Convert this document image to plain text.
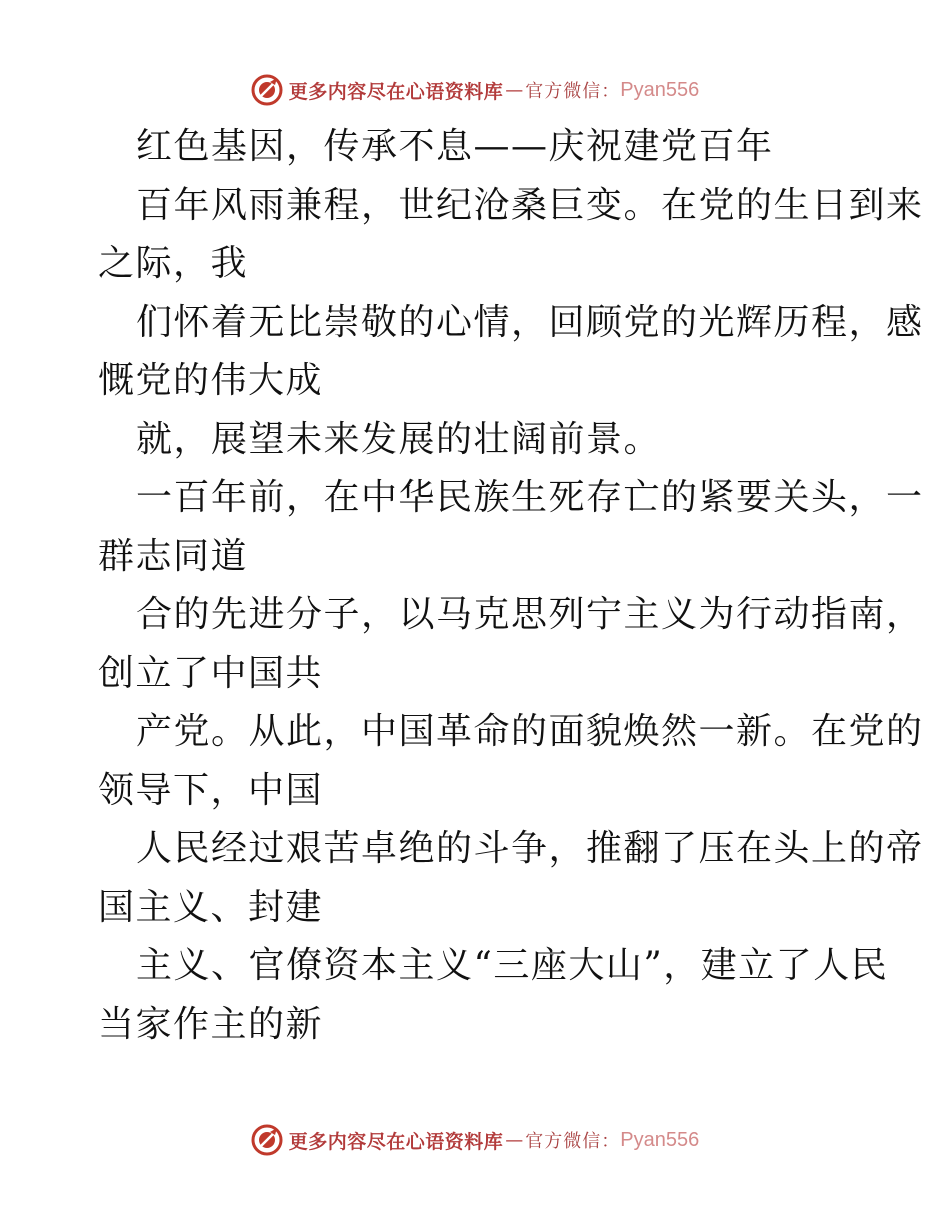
更多内容尽在心语资料库 — 官方微信： Pyan556
红色基因，传承不息——庆祝建党百年
百年风雨兼程，世纪沧桑巨变。在党的生日到来
之际，我
们怀着无比崇敬的心情，回顾党的光辉历程，感
慨党的伟大成
就，展望未来发展的壮阔前景。
一百年前，在中华民族生死存亡的紧要关头，一
群志同道
合的先进分子，以马克思列宁主义为行动指南，
创立了中国共
产党。从此，中国革命的面貌焕然一新。在党的
领导下，中国
人民经过艰苦卓绝的斗争，推翻了压在头上的帝
国主义、封建
主义、官僚资本主义“三座大山”，建立了人民
当家作主的新
更多内容尽在心语资料库 — 官方微信： Pyan556
